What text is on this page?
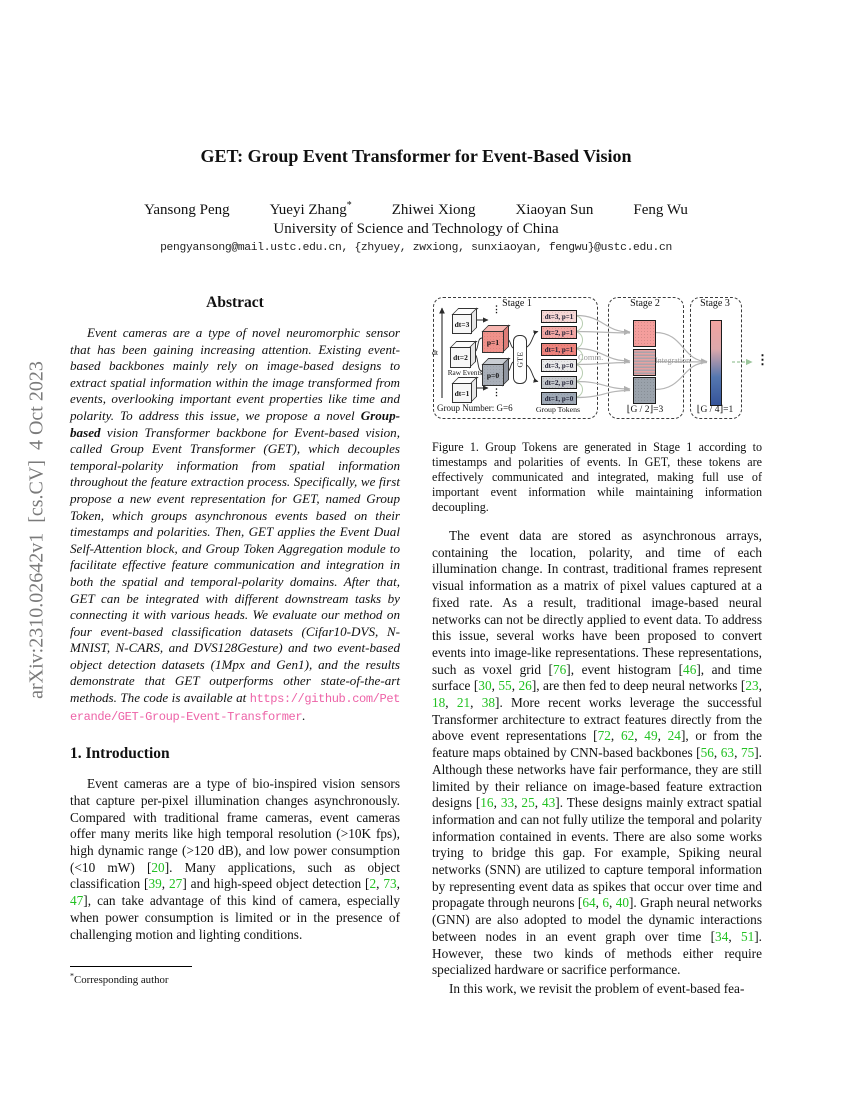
arXiv:2310.02642v1  [cs.CV]  4 Oct 2023
GET: Group Event Transformer for Event-Based Vision
Yansong Peng	Yueyi Zhang*	Zhiwei Xiong	Xiaoyan Sun	Feng Wu
University of Science and Technology of China
pengyansong@mail.ustc.edu.cn, {zhyuey, zwxiong, sunxiaoyan, fengwu}@ustc.edu.cn
Abstract

Event cameras are a type of novel neuromorphic sensor that has been gaining increasing attention. Existing event-based backbones mainly rely on image-based designs to extract spatial information within the image transformed from events, overlooking important event properties like time and polarity. To address this issue, we propose a novel Group-based vision Transformer backbone for Event-based vision, called Group Event Transformer (GET), which decouples temporal-polarity information from spatial information throughout the feature extraction process. Specifically, we first propose a new event representation for GET, named Group Token, which groups asynchronous events based on their timestamps and polarities. Then, GET applies the Event Dual Self-Attention block, and Group Token Aggregation module to facilitate effective feature communication and integration in both the spatial and temporal-polarity domains. After that, GET can be integrated with different downstream tasks by connecting it with various heads. We evaluate our method on four event-based classification datasets (Cifar10-DVS, N-MNIST, N-CARS, and DVS128Gesture) and two event-based object detection datasets (1Mpx and Gen1), and the results demonstrate that GET outperforms other state-of-the-art methods. The code is available at https://github.com/Peterande/GET-Group-Event-Transformer.

1. Introduction

Event cameras are a type of bio-inspired vision sensors that capture per-pixel illumination changes asynchronously. Compared with traditional frame cameras, event cameras offer many merits like high temporal resolution (>10K fps), high dynamic range (>120 dB), and low power consumption (<10 mW) [20]. Many applications, such as object classification [39, 27] and high-speed object detection [2, 73, 47], can take advantage of this kind of camera, especially when power consumption is limited or in the presence of challenging motion and lighting conditions.

*Corresponding author
Stage 1	Stage 2	Stage 3
dt
dt=3
dt=2
Raw Events
dt=1
⋮
⋮
p=1
p=0
GTE
dt=3, p=1
dt=2, p=1
dt=1, p=1
dt=3, p=0
dt=2, p=0
dt=1, p=0
Comm.
Group Number: G=6	Group Tokens	⌊G / 2⌋=3
Integration
⌊G / 4⌋=1
⋮

Figure 1. Group Tokens are generated in Stage 1 according to timestamps and polarities of events. In GET, these tokens are effectively communicated and integrated, making full use of important event information while maintaining information decoupling.

The event data are stored as asynchronous arrays, containing the location, polarity, and time of each illumination change. In contrast, traditional frames represent visual information as a matrix of pixel values captured at a fixed rate. As a result, traditional image-based neural networks can not be directly applied to event data. To address this issue, several works have been proposed to convert events into image-like representations. These representations, such as voxel grid [76], event histogram [46], and time surface [30, 55, 26], are then fed to deep neural networks [23, 18, 21, 38]. More recent works leverage the successful Transformer architecture to extract features directly from the above event representations [72, 62, 49, 24], or from the feature maps obtained by CNN-based backbones [56, 63, 75]. Although these networks have fair performance, they are still limited by their reliance on image-based feature extraction designs [16, 33, 25, 43]. These designs mainly extract spatial information and can not fully utilize the temporal and polarity information contained in events. There are also some works trying to bridge this gap. For example, Spiking neural networks (SNN) are utilized to capture temporal information by representing event data as spikes that occur over time and propagate through neurons [64, 6, 40]. Graph neural networks (GNN) are also adopted to model the dynamic interactions between nodes in an event graph over time [34, 51]. However, these two kinds of methods either require specialized hardware or sacrifice performance.

In this work, we revisit the problem of event-based fea-
